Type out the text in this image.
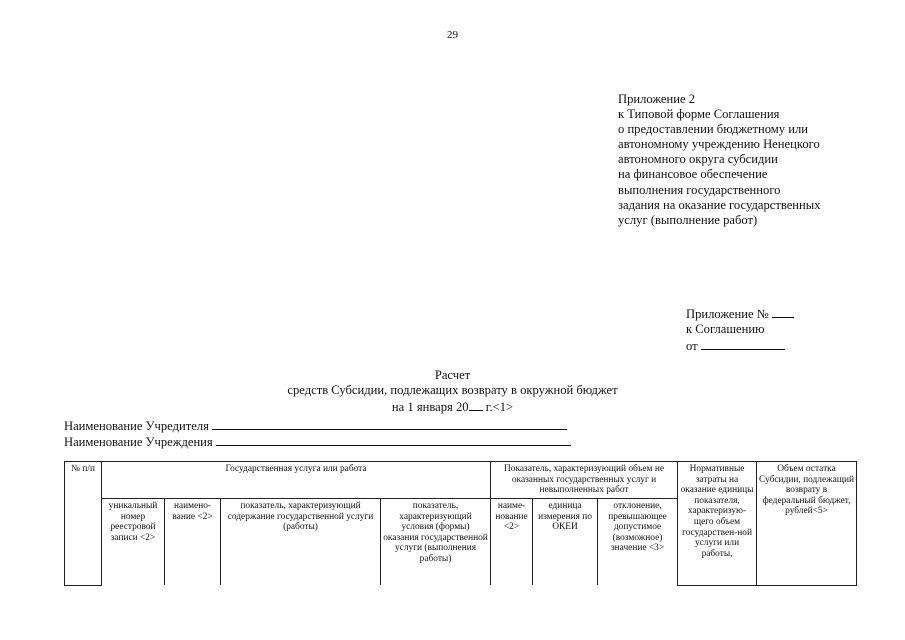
29
Приложение 2
к Типовой форме Соглашения
о предоставлении бюджетному или
автономному учреждению Ненецкого
автономного округа субсидии
на финансовое обеспечение
выполнения государственного
задания на оказание государственных
услуг (выполнение работ)
Приложение №
к Соглашению
от
Расчет
средств Субсидии, подлежащих возврату в окружной бюджет
на 1 января 20 г.<1>
Наименование Учредителя
Наименование Учреждения
№ п/п	Государственная услуга или работа				Показатель, характеризующий объем не оказанных государственных услуг и невыполненных работ			Нормативные затраты на оказание единицы показателя, характеризую-щего объем государствен-ной услуги или работы,	Объем остатка Субсидии, подлежащий возврату в федеральный бюджет, рублей<5>
	уникальный номер реестровой записи <2>	наимено-вание <2>	показатель, характеризующий содержание государственной услуги (работы)	показатель, характеризующий условия (формы) оказания государственной услуги (выполнения работы)	наиме-нование <2>	единица измерения по ОКЕИ	отклонение, превышающее допустимое (возможное) значение <3>		
